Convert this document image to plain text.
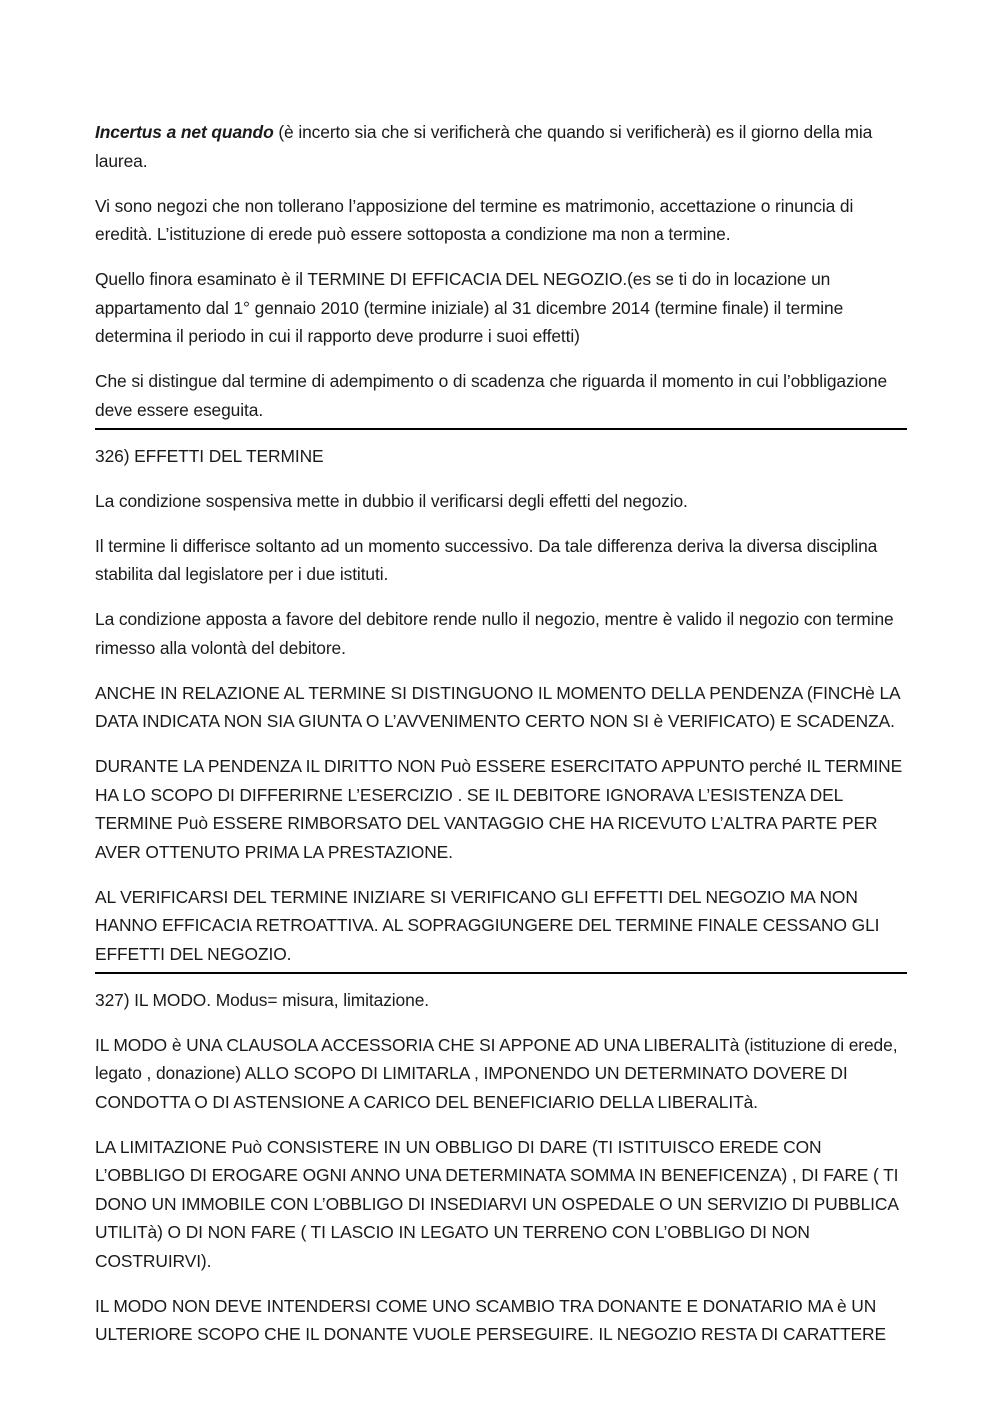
Incertus a net quando (è incerto sia che si verificherà che quando si verificherà) es il giorno della mia laurea.

Vi sono negozi che non tollerano l’apposizione del termine es matrimonio, accettazione o rinuncia di eredità. L’istituzione di erede può essere sottoposta a condizione ma non a termine.

Quello finora esaminato è il TERMINE DI EFFICACIA DEL NEGOZIO.(es se ti do in locazione un appartamento dal 1° gennaio 2010 (termine iniziale) al 31 dicembre 2014 (termine finale) il termine determina il periodo in cui il rapporto deve produrre i suoi effetti)

Che si distingue dal termine di adempimento o di scadenza che riguarda il momento in cui l’obbligazione deve essere eseguita.

326) EFFETTI DEL TERMINE

La condizione sospensiva mette in dubbio il verificarsi degli effetti del negozio.

Il termine li differisce soltanto ad un momento successivo. Da tale differenza deriva la diversa disciplina stabilita dal legislatore per i due istituti.

La condizione apposta a favore del debitore rende nullo il negozio, mentre è valido il negozio con termine rimesso alla volontà del debitore.

ANCHE IN RELAZIONE AL TERMINE SI DISTINGUONO IL MOMENTO DELLA PENDENZA (FINCHè LA DATA INDICATA NON SIA GIUNTA O L’AVVENIMENTO CERTO NON SI è VERIFICATO) E SCADENZA.

DURANTE LA PENDENZA IL DIRITTO NON Può ESSERE ESERCITATO APPUNTO perché IL TERMINE HA LO SCOPO DI DIFFERIRNE L’ESERCIZIO . SE IL DEBITORE IGNORAVA L’ESISTENZA DEL TERMINE Può ESSERE RIMBORSATO DEL VANTAGGIO CHE HA RICEVUTO L’ALTRA PARTE PER AVER OTTENUTO PRIMA LA PRESTAZIONE.

AL VERIFICARSI DEL TERMINE INIZIARE SI VERIFICANO GLI EFFETTI DEL NEGOZIO MA NON HANNO EFFICACIA RETROATTIVA. AL SOPRAGGIUNGERE DEL TERMINE FINALE CESSANO GLI EFFETTI DEL NEGOZIO.

327) IL MODO. Modus= misura, limitazione.

IL MODO è UNA CLAUSOLA ACCESSORIA CHE SI APPONE AD UNA LIBERALITà (istituzione di erede, legato , donazione) ALLO SCOPO DI LIMITARLA , IMPONENDO UN DETERMINATO DOVERE DI CONDOTTA O DI ASTENSIONE A CARICO DEL BENEFICIARIO DELLA LIBERALITà.

LA LIMITAZIONE Può CONSISTERE IN UN OBBLIGO DI DARE (TI ISTITUISCO EREDE CON L’OBBLIGO DI EROGARE OGNI ANNO UNA DETERMINATA SOMMA IN BENEFICENZA) , DI FARE ( TI DONO UN IMMOBILE CON L’OBBLIGO DI INSEDIARVI UN OSPEDALE O UN SERVIZIO DI PUBBLICA UTILITà) O DI NON FARE ( TI LASCIO IN LEGATO UN TERRENO CON L’OBBLIGO DI NON COSTRUIRVI).

IL MODO NON DEVE INTENDERSI COME UNO SCAMBIO TRA DONANTE E DONATARIO MA è UN ULTERIORE SCOPO CHE IL DONANTE VUOLE PERSEGUIRE. IL NEGOZIO RESTA DI CARATTERE
